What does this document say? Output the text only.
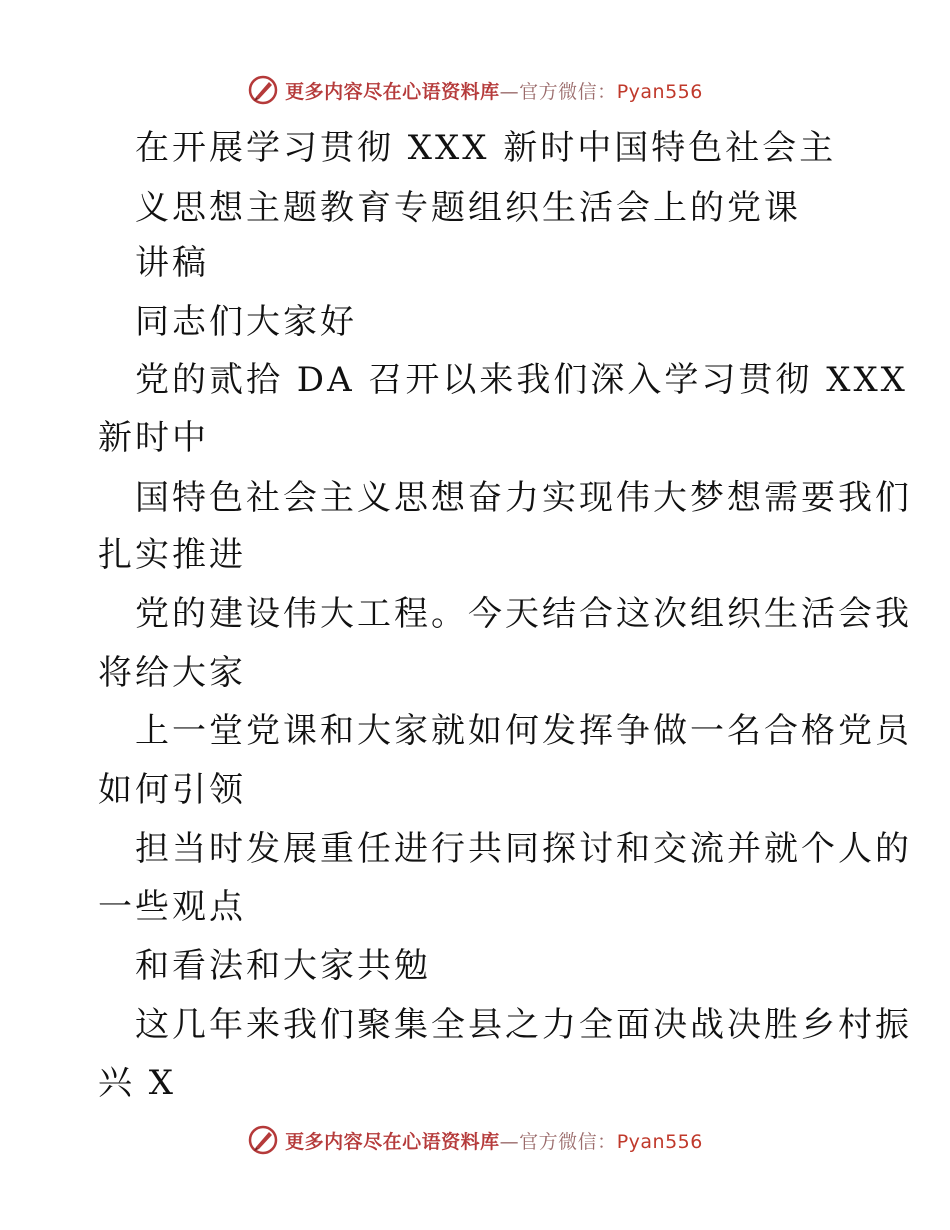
更多内容尽在心语资料库—官方微信：Pyan556
在开展学习贯彻 XXX 新时中国特色社会主
义思想主题教育专题组织生活会上的党课
讲稿
同志们大家好
党的贰拾 DA 召开以来我们深入学习贯彻 XXX
新时中
国特色社会主义思想奋力实现伟大梦想需要我们
扎实推进
党的建设伟大工程。今天结合这次组织生活会我
将给大家
上一堂党课和大家就如何发挥争做一名合格党员
如何引领
担当时发展重任进行共同探讨和交流并就个人的
一些观点
和看法和大家共勉
这几年来我们聚集全县之力全面决战决胜乡村振
兴 X
更多内容尽在心语资料库—官方微信：Pyan556
